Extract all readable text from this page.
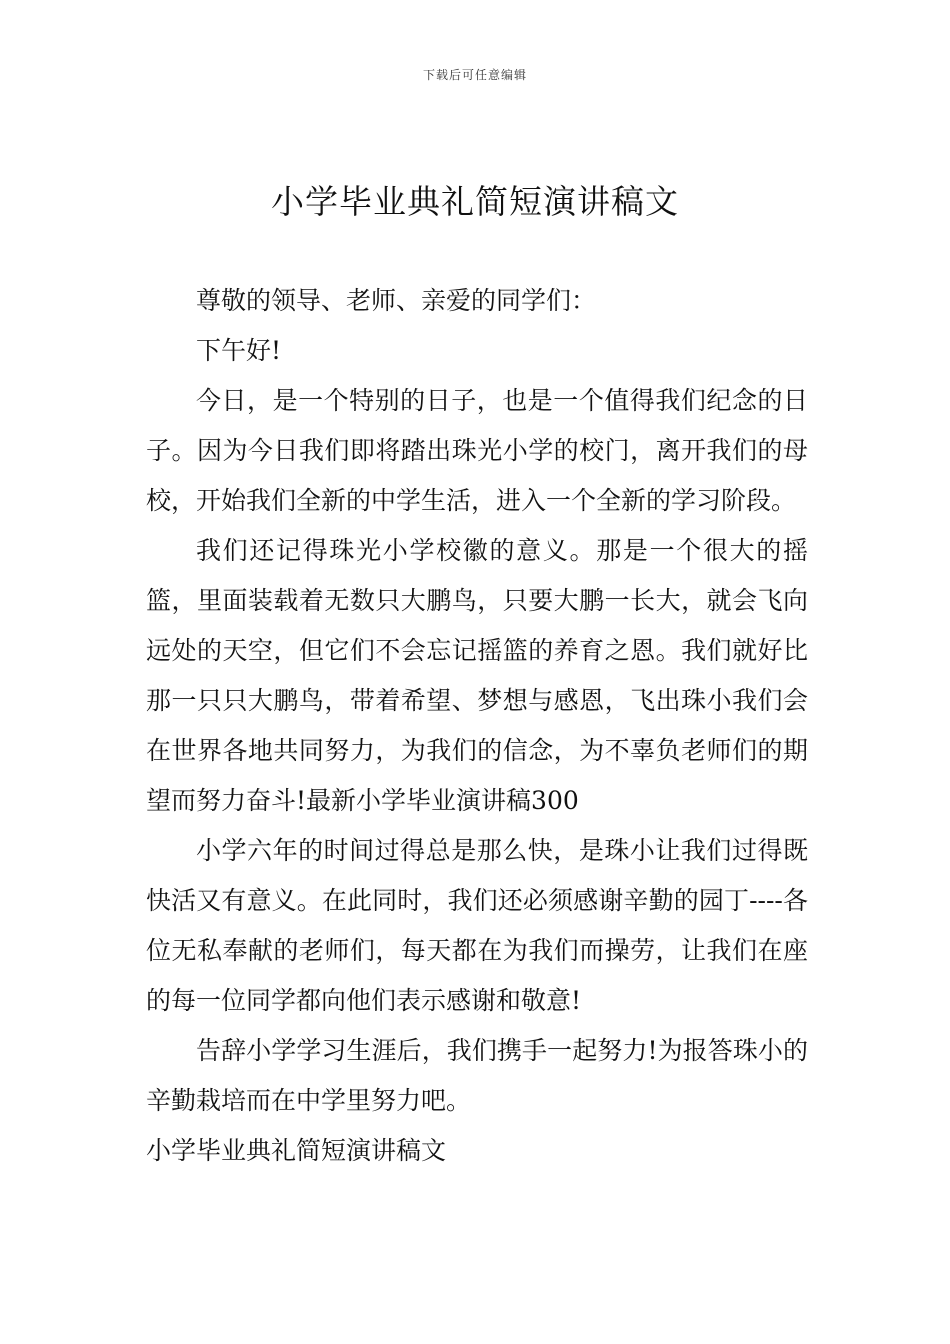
下载后可任意编辑
小学毕业典礼简短演讲稿文

尊敬的领导、老师、亲爱的同学们：

下午好!

今日，是一个特别的日子，也是一个值得我们纪念的日子。因为今日我们即将踏出珠光小学的校门，离开我们的母校，开始我们全新的中学生活，进入一个全新的学习阶段。

我们还记得珠光小学校徽的意义。那是一个很大的摇篮，里面装载着无数只大鹏鸟，只要大鹏一长大，就会飞向远处的天空，但它们不会忘记摇篮的养育之恩。我们就好比那一只只大鹏鸟，带着希望、梦想与感恩，飞出珠小我们会在世界各地共同努力，为我们的信念，为不辜负老师们的期望而努力奋斗!最新小学毕业演讲稿300

小学六年的时间过得总是那么快，是珠小让我们过得既快活又有意义。在此同时，我们还必须感谢辛勤的园丁----各位无私奉献的老师们，每天都在为我们而操劳，让我们在座的每一位同学都向他们表示感谢和敬意!

告辞小学学习生涯后，我们携手一起努力!为报答珠小的辛勤栽培而在中学里努力吧。

小学毕业典礼简短演讲稿文
